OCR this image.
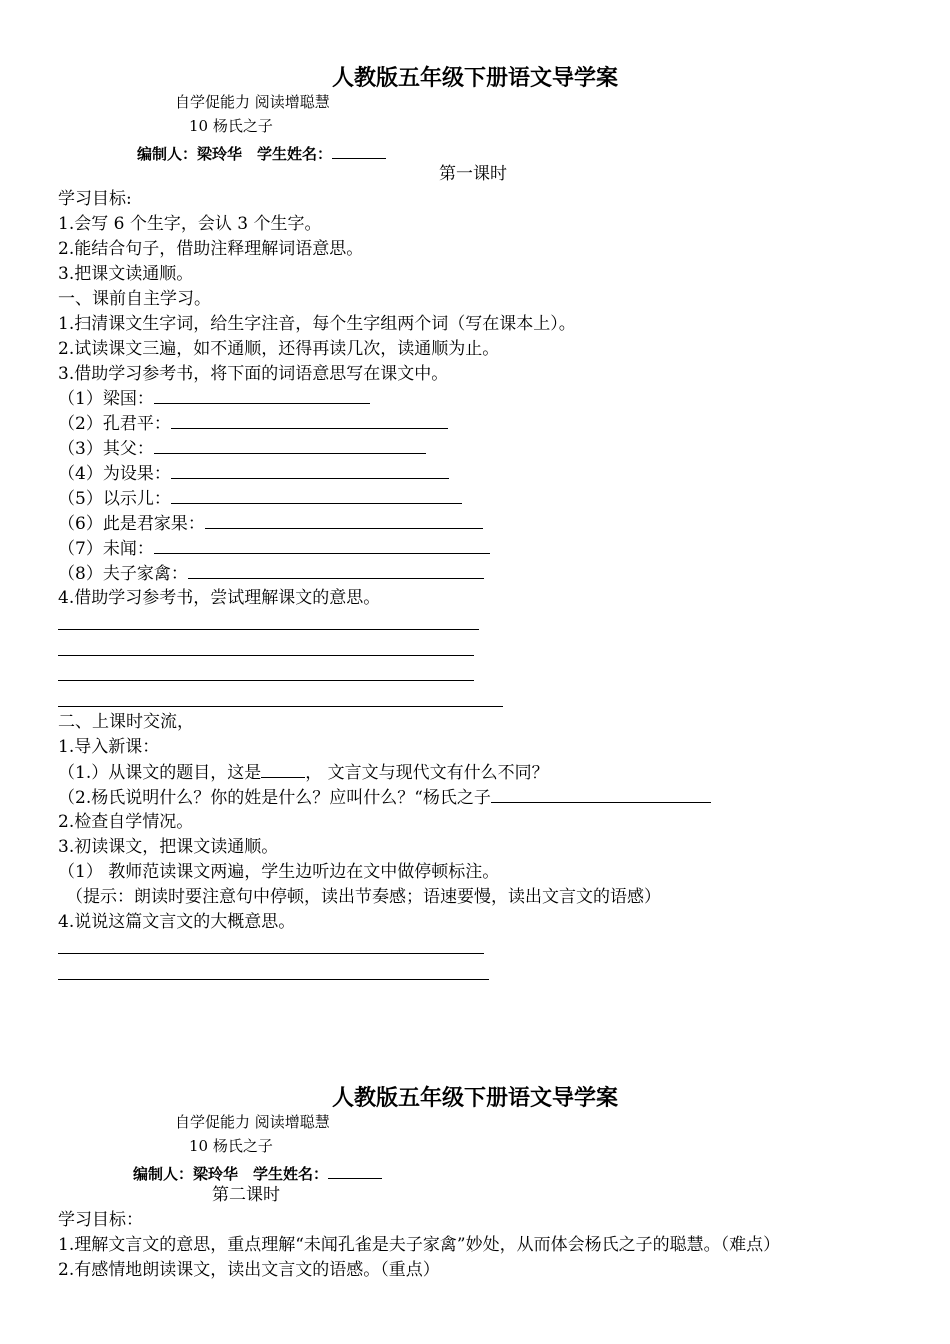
人教版五年级下册语文导学案
自学促能力 阅读增聪慧
10 杨氏之子
编制人：梁玲华　学生姓名：
第一课时
学习目标:
1.会写 6 个生字，会认 3 个生字。
2.能结合句子，借助注释理解词语意思。
3.把课文读通顺。
一、课前自主学习。
1.扫清课文生字词，给生字注音，每个生字组两个词（写在课本上）。
2.试读课文三遍，如不通顺，还得再读几次，读通顺为止。
3.借助学习参考书，将下面的词语意思写在课文中。
（1）梁国：
（2）孔君平：
（3）其父：
（4）为设果：
（5）以示儿：
（6）此是君家果：
（7）未闻：
（8）夫子家禽：
4.借助学习参考书，尝试理解课文的意思。
二、上课时交流，
1.导入新课：
（1.）从课文的题目，这是	， 文言文与现代文有什么不同？
（2.杨氏说明什么？你的姓是什么？应叫什么？“杨氏之子
2.检查自学情况。
3.初读课文，把课文读通顺。
（1） 教师范读课文两遍，学生边听边在文中做停顿标注。
（提示：朗读时要注意句中停顿，读出节奏感；语速要慢，读出文言文的语感）
4.说说这篇文言文的大概意思。
人教版五年级下册语文导学案
自学促能力 阅读增聪慧
10 杨氏之子
编制人：梁玲华　学生姓名：
第二课时
学习目标：
1.理解文言文的意思，重点理解“未闻孔雀是夫子家禽”妙处，从而体会杨氏之子的聪慧。（难点）
2.有感情地朗读课文，读出文言文的语感。（重点）
